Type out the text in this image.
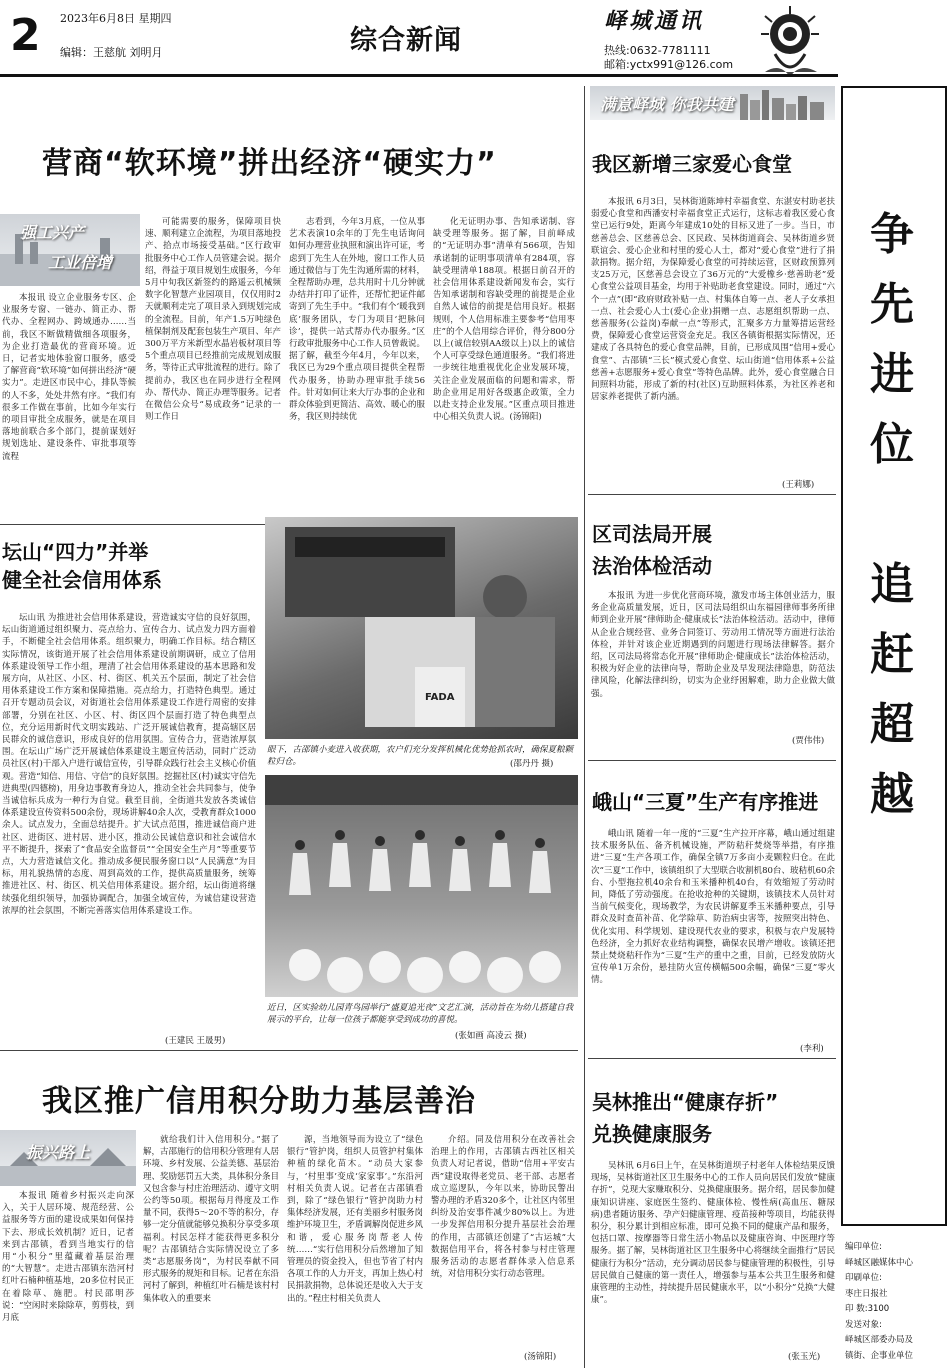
2 2023年6月8日 星期四
编辑：王慈航 刘明月	综合新闻
峄城通讯
热线:0632-7781111
邮箱:yctx991@126.com
满意峄城 你我共建
争
先
进
位
追
赶
超
越
编印单位:
峄城区融媒体中心
印刷单位:
枣庄日报社
印 数:3100
发送对象:
峄城区部委办局及
镇街、企事业单位
营商“软环境”拼出经济“硬实力”
强工兴产
工业倍增

本报讯 设立企业服务专区、企业服务专窗、一链办、简正办、帮代办、全程网办、跨域通办……当前，我区不断做精做细各项服务，为企业打造最优的营商环境。近日，记者实地体验窗口服务，感受了解营商“软环境”如何拼出经济“硬实力”。走进区市民中心，排队等候的人不多，处处井然有序。“我们有很多工作做在事前，比如今年实行的项目审批全成服务，就是在项目落地前联合多个部门，提前谋划好规划选址、建设条件、审批事项等流程

可能需要的服务，保障项目快速、顺利建立企流程，为项目落地投产、拾点市场接受基础。”区行政审批服务中心工作人员管建会说。据介绍，得益于项目规划生成服务，今年5月中旬我区新签约的路遥云机械频数字化智慧产业园项目，仅仅用时2天就顺利走完了项目录入到规划完成的全流程。目前，年产1.5万吨绿色植保制剂及配套包装生产项目、年产300万平方米新型水晶岩板材项目等5个重点项目已经推前完成规划成服务，等待正式审批流程的进行。除了提前办，我区也在同步进行全程网办、帮代办、简正办理等服务。记者在微信公众号“易成政务”记录的一则工作日

志看到，今年3月底，一位从事艺术表演10余年的丁先生电话询问如何办理营业执照和演出许可证，考虑到丁先生人在外地，窗口工作人员通过微信与丁先生沟通所需的材料，全程帮助办理，总共用时十几分钟就办结并打印了证件，还帮忙把证件邮寄到了先生手中。“我们有个‘暖我到底’服务团队，专门为项目‘把脉问诊’，提供一站式帮办代办服务。”区行政审批服务中心工作人员曾裁说。据了解，截至今年4月，今年以来，我区已为29个重点项目提供全程帮代办服务，协助办理审批手续56件。针对如何让来大厅办事的企业和群众体验到更简洁、高效、暖心的服务，我区则持续优

化无证明办事、告知承诺制、容缺受理等服务。据了解，目前峄成的“无证明办事”清单有566项，告知承诺制的证明事项清单有284项，容缺受理清单188项。根据日前召开的社会信用体系建设新闻发布会，实行告知承诺制和容缺受理的前提是企业自然人诚信的前提是信用良好。根据规则，个人信用标准主要参考“信用枣庄”的个人信用综合评价，得分800分以上(诚信较别AA级以上)以上的诚信个人可享受绿色通道服务。“我们将进一步统往地重视优化企业发展环境，关注企业发展面临的问题和需求，帮助企业用足用好各级惠企政策，全力以赴支持企业发展。”区重点项目推进中心相关负责人说。(汤锦阳)

我区新增三家爱心食堂

本报讯 6月3日，吴林街道陈坤村幸福食堂、东湛安村助老扶弱爱心食堂和西潘安村幸福食堂正式运行，这标志着我区爱心食堂已运行9处，距离今年建成10处的目标又进了一步。当日，市慈善总会、区慈善总会、区民政、吴林街道商会、吴林街道乡贤联谊会、爱心企业和村里的爱心人士，都对“爱心食堂”进行了捐款捐物。据介绍，为保障爱心食堂的可持续运营，区财政预算列支25万元，区慈善总会设立了36万元的“大爱橡乡·慈善助老”爱心食堂公益项目基金，均用于补贴助老食堂建设。同时，通过“六个一点”(即“政府财政补贴一点、村集体自筹一点、老人子女承担一点、社会爱心人士(爱心企业)捐赠一点、志愿组织帮助一点、慈善服务(公益岗)奉献一点”等形式，汇聚多方力量筹措运营经费，保障爱心食堂运营资金充足。我区各镇街根据实际情况，还建成了各具特色的爱心食堂品牌，目前，已形成凤围“信用+爱心食堂”、古邵镇“三长”模式爱心食堂、坛山街道“信用体系+公益慈善+志愿服务+爱心食堂”等特色品牌。此外，爱心食堂融合日间照料功能，形成了新的村(社区)互助照料体系，为社区养老和居家养老提供了新内涵。

(王莉娜)
坛山“四力”并举
健全社会信用体系

坛山讯 为推进社会信用体系建设，营造诚实守信的良好氛围，坛山街道通过组织聚力、亮点给力、宣传合力、试点发力四方面着手，不断健全社会信用体系。组织聚力，明确工作目标。结合精区实际情况，该街道开展了社会信用体系建设前期调研，成立了信用体系建设领导工作小组，理清了社会信用体系建设的基本思路和发展方向，从社区、小区、村、街区、机关五个层面，制定了社会信用体系建设工作方案和保障措施。亮点给力，打造特色典型。通过召开专题动员会议，对街道社会信用体系建设工作进行周密的安排部署，分别在社区、小区、村、街区四个层面打造了特色典型点位，充分运用新时代文明实践站、广泛开展诚信教育，提高辖区居民群众的诚信意识，形成良好的信用氛围。宣传合力，营造浓厚氛围。在坛山广场广泛开展诚信体系建设主题宣传活动，同时广泛动员社区(村)干部入户进行诚信宣传，引导群众践行社会主义核心价值观。营造“知信、用信、守信”的良好氛围。挖掘社区(村)诚实守信先进典型(四德榜)，用身边事教育身边人，推动全社会共同参与，使争当诚信标兵成为一种行为自觉。截至目前，全街道共发放各类诚信体系建设宣传资料500余份，现场讲解40余人次，受教育群众1000余人。试点发力，全面总结提升。扩大试点范围，推进诚信商户进社区、进街区、进村居、进小区，推动公民诚信意识和社会诚信水平不断提升，探索了“食品安全监督员”“全国安全生产月”等重要节点，大力营造诚信文化。推动成多便民服务窗口以“人民满意”为目标，用礼貌热情的态度、周到高效的工作，提供高质量服务，统筹推进社区、村、街区、机关信用体系建设。据介绍，坛山街道将继续强化组织领导，加强协调配合，加强全域宣传，为诚信建设营造浓厚的社会氛围，不断完善落实信用体系建设工作。

(王建民 王晟男)
FADA
眼下，古邵镇小麦进入收获期，农户们充分发挥机械化优势抢抓农时，确保夏粮颗粒归仓。	(邵丹丹 摄)
近日，区实验幼儿园青鸟园举行“盛夏追光夜”文艺汇演，活动旨在为幼儿搭建自我展示的平台，让每一位孩子都能享受到成功的喜悦。
(张如画 高凌云 摄)
区司法局开展
法治体检活动

本报讯 为进一步优化营商环境，激发市场主体创业活力，服务企业高质量发展，近日，区司法局组织山东福园律师事务所律师到企业开展“律师助企·健康成长”法治体检活动。活动中，律师从企业合规经营、业务合同签订、劳动用工情况等方面进行法治体检，并针对该企业近期遇到的问题进行现场法律解答。据介绍，区司法局将常态化开展“律师助企·健康成长”法治体检活动，积极为好企业的法律向导，帮助企业及早发现法律隐患，防范法律风险，化解法律纠纷，切实为企业纾困解难，助力企业做大做强。

(贾伟伟)
峨山“三夏”生产有序推进

峨山讯 随着一年一度的“三夏”生产拉开序幕，峨山通过组建技术服务队伍、备齐机械设施，严防秸秆焚烧等举措，有序推进“三夏”生产各项工作，确保全镇7万多亩小麦颗粒归仓。在此次“三夏”工作中，该镇组织了大型联合收割机80台、玻秸机60余台、小型拖拉机40余台和玉米播种机40台，有效缩短了劳动时间，降低了劳动强度。在抢收抢种的关键期，该镇技术人员针对当前气候变化，现场教学，为农民讲解夏季玉米播种要点，引导群众及时查苗补苗、化学除草、防治病虫害等，按照突出特色、优化实用、科学规划、建设现代农业的要求，积极与农户发展特色经济，全力抓好农业结构调整，确保农民增产增收。该镇还把禁止焚烧秸秆作为“三夏”生产的重中之重，目前，已经发放防火宣传单1万余份，悬挂防火宣传横幅500余幅，确保“三夏”零火情。

(李利)
我区推广信用积分助力基层善治
振兴路上

本报讯 随着乡村振兴走向深入，关于人居环境、规范经营、公益服务等方面的建设成果如何保持下去、形成长效机制？近日，记者来到古邵镇，看到当地实行的信用“小积分”里蕴藏着基层治理的“大智慧”。走进古邵镇东浩河村红叶石楠种植基地，20多位村民正在着除草、施肥。村民邵明莎说：“空闲时来除除草，剪剪枝，到月底

就给我们计入信用积分。”据了解，古邵施行的信用积分管理有人居环境、乡村发展、公益美德、基层治理、奖励惩罚五大类，具体积分条目又包含参与村庄治理活动、遵守文明公约等50项。根据每月得度及工作量不同，获得5～20不等的积分，存够一定分值就能够兑换积分享受多项福利。村民怎样才能获得更多积分呢？古邵镇结合实际情况设立了多类“志愿服务岗”，为村民奉献不同形式服务的规矩和目标。记者在东沿河村了解到，种植红叶石楠是该村村集体收入的重要来

源，当地领导而为设立了“绿色银行”管护岗，组织人员管护村集体种植的绿化苗木。“动员大家参与，‘村里事’变成‘家家事’。”东沿河村相关负责人说。记者在古邵镇看到，除了“绿色银行”管护岗助力村集体经济发展，还有美丽乡村服务岗维护环境卫生，矛盾调解岗促进乡风和谐，爱心服务岗帮老人传统……“实行信用积分后然增加了知管理员的资金投入，但也节省了村内各项工作的人力开支，再加上热心村民捐款捐物，总体说还是收入大于支出的。”程庄村相关负责人

介绍。同及信用积分在改善社会治理上的作用，古邵镇古西社区相关负责人对记者说，借助“信用+平安古西”建设取得老党员、老干部、志愿者成立巡逻队，今年以来，协助民警出警办理的矛盾320多个，让社区内邻里纠纷及治安事件减少80%以上。为进一步发挥信用积分提升基层社会治理的作用，古邵镇还创建了“古运城”大数据信用平台，将各村参与村庄管理服务活动的志愿者群体录入信息系统，对信用积分实行动态管理。

(汤锦阳)
吴林推出“健康存折”
兑换健康服务

吴林讯 6月6日上午，在吴林街道坝子村老年人体检结果反馈现场，吴林街道社区卫生服务中心的工作人员向居民们发放“健康存折”，兑现大家赚取积分、兑换健康服务。据介绍，居民参加健康知识讲座、家庭医生签约、健康体检、慢性病(高血压、糖尿病)患者随访服务、孕产妇健康管理、疫苗接种等项目，均能获得积分，积分累计到相应标准，即可兑换不同的健康产品和服务，包括口罩、按摩器等日常生活小物品以及健康咨询、中医理疗等服务。据了解，吴林街道社区卫生服务中心将继续全面推行“居民健康行为积分”活动，充分调动居民参与健康管理的积极性，引导居民做自己健康的第一责任人，增强参与基本公共卫生服务和健康管理的主动性，持续提升居民健康水平，以“小积分”兑换“大健康”。

(张玉光)
